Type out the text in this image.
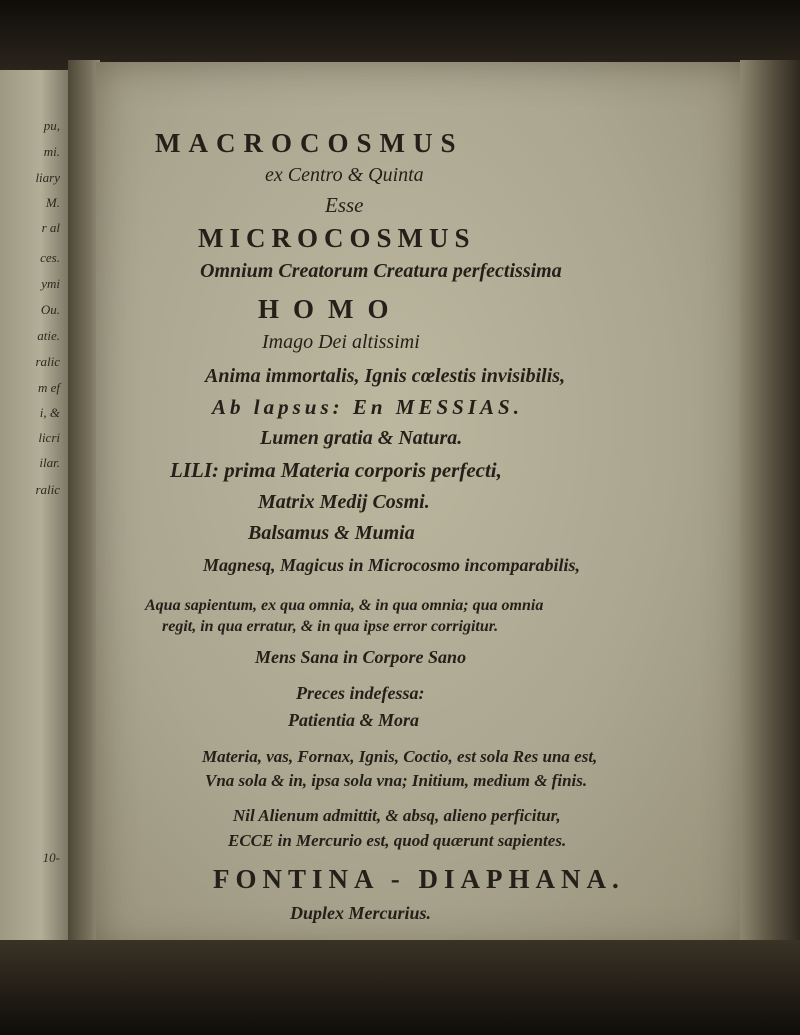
pu,
mi.
liary
M.
r al
ces.
ymi
Ou.
atie.
ralic
m ef
i, &
licri
ilar.
ralic
10-
MACROCOSMUS
ex Centro & Quinta
Esse
MICROCOSMUS
Omnium Creatorum Creatura perfectissima
HOMO
Imago Dei altissimi
Anima immortalis, Ignis cœlestis invisibilis,
Ab lapsus: En MESSIAS.
Lumen gratia & Natura.
LILI: prima Materia corporis perfecti,
Matrix Medij Cosmi.
Balsamus & Mumia
Magnesq, Magicus in Microcosmo incomparabilis,
Aqua sapientum, ex qua omnia, & in qua omnia; qua omnia
regit, in qua erratur, & in qua ipse error corrigitur.
Mens Sana in Corpore Sano
Preces indefessa:
Patientia & Mora
Materia, vas, Fornax, Ignis, Coctio, est sola Res una est,
Vna sola & in, ipsa sola vna; Initium, medium & finis.
Nil Alienum admittit, & absq, alieno perficitur,
ECCE in Mercurio est, quod quærunt sapientes.
FONTINA - DIAPHANA.
Duplex Mercurius.
